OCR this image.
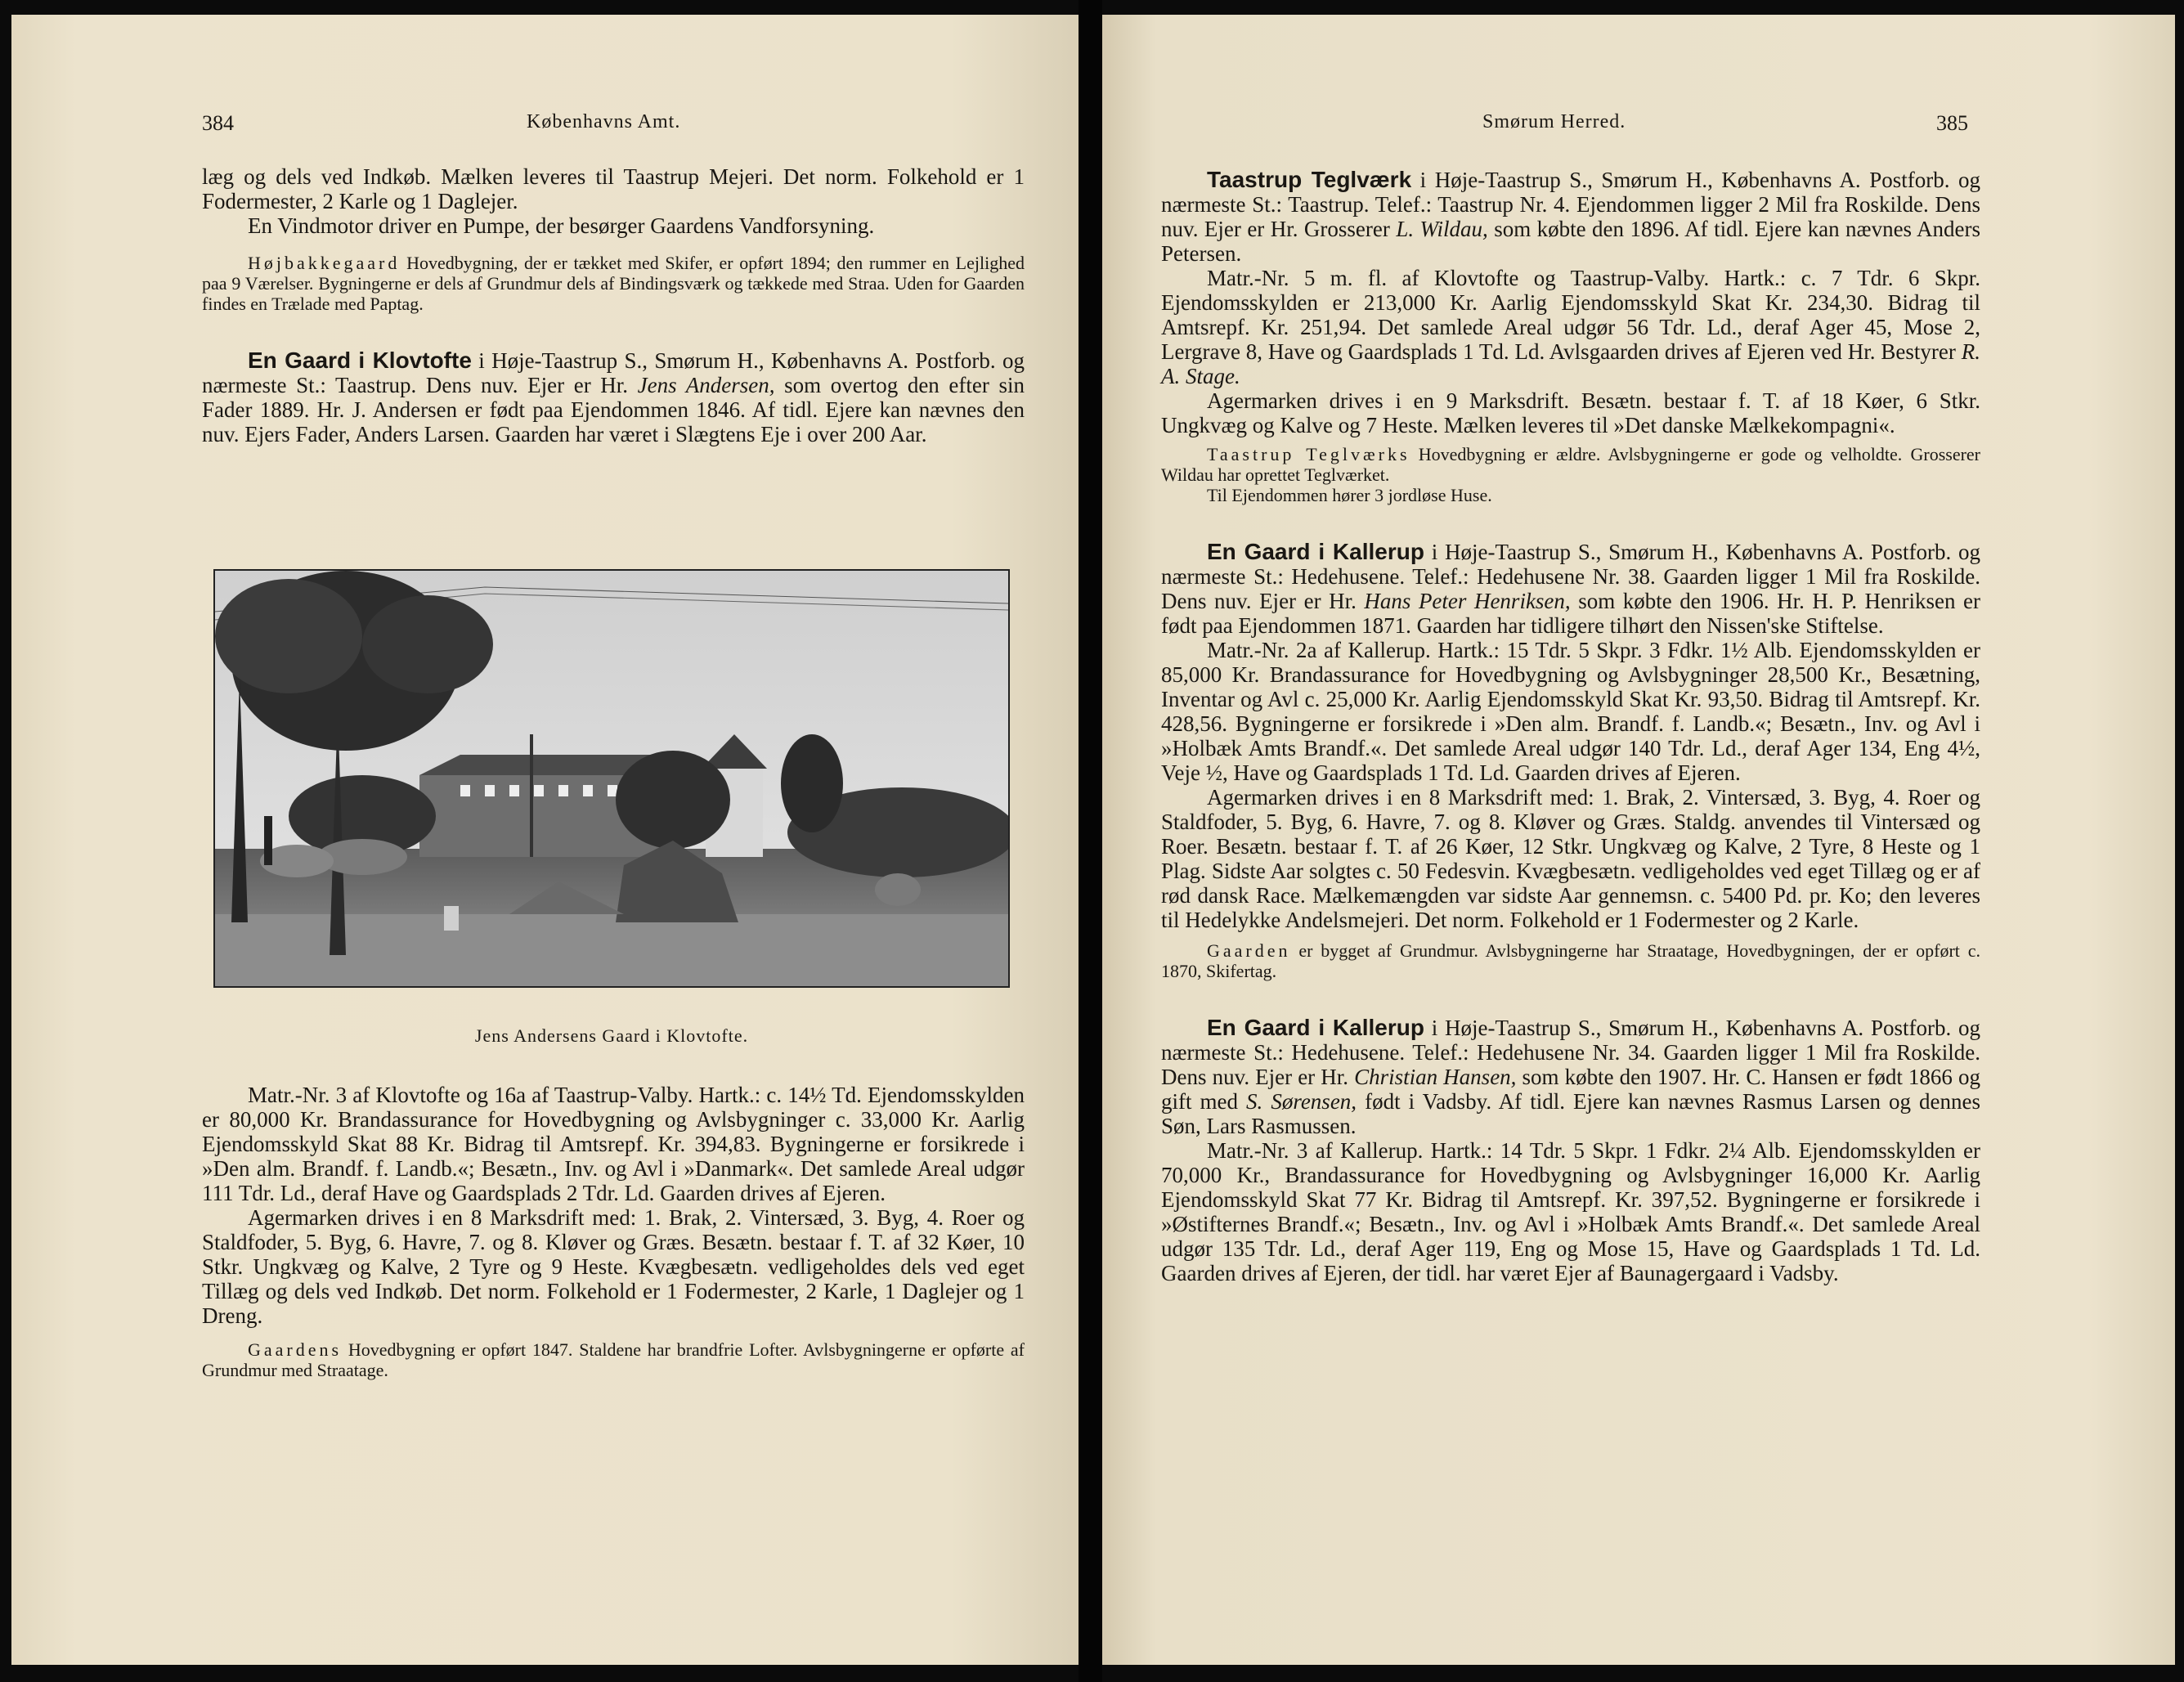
384	Københavns Amt.

læg og dels ved Indkøb. Mælken leveres til Taastrup Mejeri. Det norm. Folkehold er 1 Fodermester, 2 Karle og 1 Daglejer.

En Vindmotor driver en Pumpe, der besørger Gaardens Vandforsyning.

Højbakkegaard Hovedbygning, der er tækket med Skifer, er opført 1894; den rummer en Lejlighed paa 9 Værelser. Bygningerne er dels af Grundmur dels af Bindingsværk og tækkede med Straa. Uden for Gaarden findes en Trælade med Paptag.

En Gaard i Klovtofte i Høje-Taastrup S., Smørum H., Københavns A. Postforb. og nærmeste St.: Taastrup. Dens nuv. Ejer er Hr. Jens Andersen, som overtog den efter sin Fader 1889. Hr. J. Andersen er født paa Ejendommen 1846. Af tidl. Ejere kan nævnes den nuv. Ejers Fader, Anders Larsen. Gaarden har været i Slægtens Eje i over 200 Aar.

Jens Andersens Gaard i Klovtofte.

Matr.-Nr. 3 af Klovtofte og 16a af Taastrup-Valby. Hartk.: c. 14½ Td. Ejendomsskylden er 80,000 Kr. Brandassurance for Hovedbygning og Avlsbygninger c. 33,000 Kr. Aarlig Ejendomsskyld Skat 88 Kr. Bidrag til Amtsrepf. Kr. 394,83. Bygningerne er forsikrede i »Den alm. Brandf. f. Landb.«; Besætn., Inv. og Avl i »Danmark«. Det samlede Areal udgør 111 Tdr. Ld., deraf Have og Gaardsplads 2 Tdr. Ld. Gaarden drives af Ejeren.

Agermarken drives i en 8 Marksdrift med: 1. Brak, 2. Vintersæd, 3. Byg, 4. Roer og Staldfoder, 5. Byg, 6. Havre, 7. og 8. Kløver og Græs. Besætn. bestaar f. T. af 32 Køer, 10 Stkr. Ungkvæg og Kalve, 2 Tyre og 9 Heste. Kvægbesætn. vedligeholdes dels ved eget Tillæg og dels ved Indkøb. Det norm. Folkehold er 1 Fodermester, 2 Karle, 1 Daglejer og 1 Dreng.

Gaardens Hovedbygning er opført 1847. Staldene har brandfrie Lofter. Avlsbygningerne er opførte af Grundmur med Straatage.

Smørum Herred.	385

Taastrup Teglværk i Høje-Taastrup S., Smørum H., Københavns A. Postforb. og nærmeste St.: Taastrup. Telef.: Taastrup Nr. 4. Ejendommen ligger 2 Mil fra Roskilde. Dens nuv. Ejer er Hr. Grosserer L. Wildau, som købte den 1896. Af tidl. Ejere kan nævnes Anders Petersen.

Matr.-Nr. 5 m. fl. af Klovtofte og Taastrup-Valby. Hartk.: c. 7 Tdr. 6 Skpr. Ejendomsskylden er 213,000 Kr. Aarlig Ejendomsskyld Skat Kr. 234,30. Bidrag til Amtsrepf. Kr. 251,94. Det samlede Areal udgør 56 Tdr. Ld., deraf Ager 45, Mose 2, Lergrave 8, Have og Gaardsplads 1 Td. Ld. Avlsgaarden drives af Ejeren ved Hr. Bestyrer R. A. Stage.

Agermarken drives i en 9 Marksdrift. Besætn. bestaar f. T. af 18 Køer, 6 Stkr. Ungkvæg og Kalve og 7 Heste. Mælken leveres til »Det danske Mælkekompagni«.

Taastrup Teglværks Hovedbygning er ældre. Avlsbygningerne er gode og velholdte. Grosserer Wildau har oprettet Teglværket.

Til Ejendommen hører 3 jordløse Huse.

En Gaard i Kallerup i Høje-Taastrup S., Smørum H., Københavns A. Postforb. og nærmeste St.: Hedehusene. Telef.: Hedehusene Nr. 38. Gaarden ligger 1 Mil fra Roskilde. Dens nuv. Ejer er Hr. Hans Peter Henriksen, som købte den 1906. Hr. H. P. Henriksen er født paa Ejendommen 1871. Gaarden har tidligere tilhørt den Nissen'ske Stiftelse.

Matr.-Nr. 2a af Kallerup. Hartk.: 15 Tdr. 5 Skpr. 3 Fdkr. 1½ Alb. Ejendomsskylden er 85,000 Kr. Brandassurance for Hovedbygning og Avlsbygninger 28,500 Kr., Besætning, Inventar og Avl c. 25,000 Kr. Aarlig Ejendomsskyld Skat Kr. 93,50. Bidrag til Amtsrepf. Kr. 428,56. Bygningerne er forsikrede i »Den alm. Brandf. f. Landb.«; Besætn., Inv. og Avl i »Holbæk Amts Brandf.«. Det samlede Areal udgør 140 Tdr. Ld., deraf Ager 134, Eng 4½, Veje ½, Have og Gaardsplads 1 Td. Ld. Gaarden drives af Ejeren.

Agermarken drives i en 8 Marksdrift med: 1. Brak, 2. Vintersæd, 3. Byg, 4. Roer og Staldfoder, 5. Byg, 6. Havre, 7. og 8. Kløver og Græs. Staldg. anvendes til Vintersæd og Roer. Besætn. bestaar f. T. af 26 Køer, 12 Stkr. Ungkvæg og Kalve, 2 Tyre, 8 Heste og 1 Plag. Sidste Aar solgtes c. 50 Fedesvin. Kvægbesætn. vedligeholdes ved eget Tillæg og er af rød dansk Race. Mælkemængden var sidste Aar gennemsn. c. 5400 Pd. pr. Ko; den leveres til Hedelykke Andelsmejeri. Det norm. Folkehold er 1 Fodermester og 2 Karle.

Gaarden er bygget af Grundmur. Avlsbygningerne har Straatage, Hovedbygningen, der er opført c. 1870, Skifertag.

En Gaard i Kallerup i Høje-Taastrup S., Smørum H., Københavns A. Postforb. og nærmeste St.: Hedehusene. Telef.: Hedehusene Nr. 34. Gaarden ligger 1 Mil fra Roskilde. Dens nuv. Ejer er Hr. Christian Hansen, som købte den 1907. Hr. C. Hansen er født 1866 og gift med S. Sørensen, født i Vadsby. Af tidl. Ejere kan nævnes Rasmus Larsen og dennes Søn, Lars Rasmussen.

Matr.-Nr. 3 af Kallerup. Hartk.: 14 Tdr. 5 Skpr. 1 Fdkr. 2¼ Alb. Ejendomsskylden er 70,000 Kr., Brandassurance for Hovedbygning og Avlsbygninger 16,000 Kr. Aarlig Ejendomsskyld Skat 77 Kr. Bidrag til Amtsrepf. Kr. 397,52. Bygningerne er forsikrede i »Østifternes Brandf.«; Besætn., Inv. og Avl i »Holbæk Amts Brandf.«. Det samlede Areal udgør 135 Tdr. Ld., deraf Ager 119, Eng og Mose 15, Have og Gaardsplads 1 Td. Ld. Gaarden drives af Ejeren, der tidl. har været Ejer af Baunagergaard i Vadsby.
